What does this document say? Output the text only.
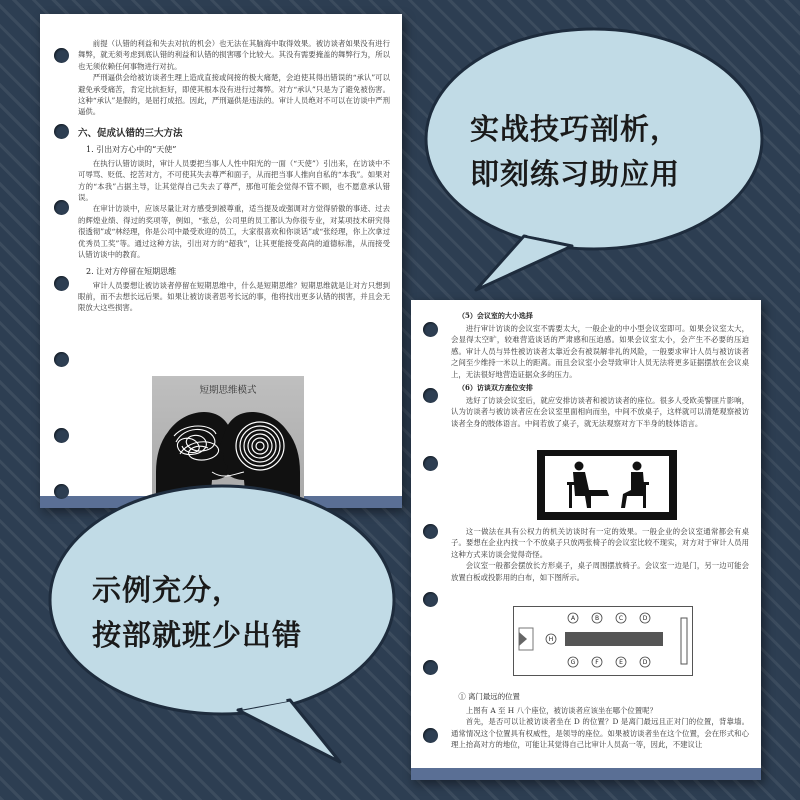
前提（认错的利益和失去对抗的机会）也无法在其脑海中取得效果。被访谈者如果没有进行舞弊，就无须考虑到底认错的利益和认错的损害哪个比较大。其没有需要掩盖的舞弊行为，所以也无须依赖任何事物进行对抗。

严刑逼供会给被访谈者生理上造成直接或间接的极大痛楚，会迫使其得出错误的“承认”可以避免承受痛苦，肯定比抗拒好，即使其根本没有进行过舞弊。对方“承认”只是为了避免被伤害。这种“承认”是假的，是屈打成招。因此，严刑逼供是违法的。审计人员绝对不可以在访谈中严刑逼供。

六、促成认错的三大方法

1. 引出对方心中的“天使”

在执行认错访谈时，审计人员要把当事人人性中阳光的一面（“天使”）引出来，在访谈中不可辱骂、贬低、挖苦对方，不可使其失去尊严和面子，从而把当事人推向自私的“本我”。如果对方的“本我”占据主导，让其觉得自己失去了尊严，那他可能会觉得不管不顾，也不愿意承认错误。

在审计访谈中，应该尽量让对方感受到被尊重，适当提及或强调对方觉得骄傲的事迹、过去的辉煌业绩、得过的奖项等，例如，“张总，公司里的员工都认为你很专业，对某项技术研究得很透彻”或“林经理，你是公司中最受欢迎的员工，大家很喜欢和你谈话”或“张经理，你上次拿过优秀员工奖”等。通过这种方法，引出对方的“超我”，让其更能接受高尚的道德标准，从而接受认错访谈中的教育。

2. 让对方停留在短期思维

审计人员要想让被访谈者停留在短期思维中，什么是短期思维？短期思维就是让对方只想到眼前，而不去想长远后果。如果让被访谈者思考长远的事，他将找出更多认错的损害，并且会无限放大这些损害。

短期思维模式

（5）会议室的大小选择

进行审计访谈的会议室不需要太大，一般企业的中小型会议室即可。如果会议室太大，会显得太空旷，较难营造谈话的严肃感和压迫感。如果会议室太小，会产生不必要的压迫感。审计人员与异性被访谈者太靠近会有被误解非礼的风险，一般要求审计人员与被访谈者之间至少维持一米以上的距离。而且会议室小会导致审计人员无法将更多证据摆放在会议桌上，无法很好地营造证据众多的压力。

（6）访谈双方座位安排

选好了访谈会议室后，就应安排访谈者和被访谈者的座位。很多人受欧美警匪片影响，认为访谈者与被访谈者应在会议室里面相向而坐，中间不放桌子，这样就可以清楚观察被访谈者全身的肢体语言。中间若放了桌子，就无法观察对方下半身的肢体语言。

这一做法在具有公权力的机关访谈时有一定的效果。一般企业的会议室通常都会有桌子。要想在企业内找一个不放桌子只放两张椅子的会议室比较不现实，对方对于审计人员用这种方式来访谈会觉得奇怪。

会议室一般都会摆放长方形桌子，桌子周围摆放椅子。会议室一边是门，另一边可能会放置白板或投影用的白布，如下图所示。

A	B	C	D
G	F	E	D
H

① 离门最远的位置

上图有 A 至 H 八个座位，被访谈者应该坐在哪个位置呢？

首先，是否可以让被访谈者坐在 D 的位置？D 是离门最远且正对门的位置，背靠墙。通常情况这个位置具有权威性，是领导的座位。如果被访谈者坐在这个位置，会在形式和心理上抬高对方的地位，可能让其觉得自己比审计人员高一等，因此，不建议让

实战技巧剖析，
即刻练习助应用
示例充分，
按部就班少出错
